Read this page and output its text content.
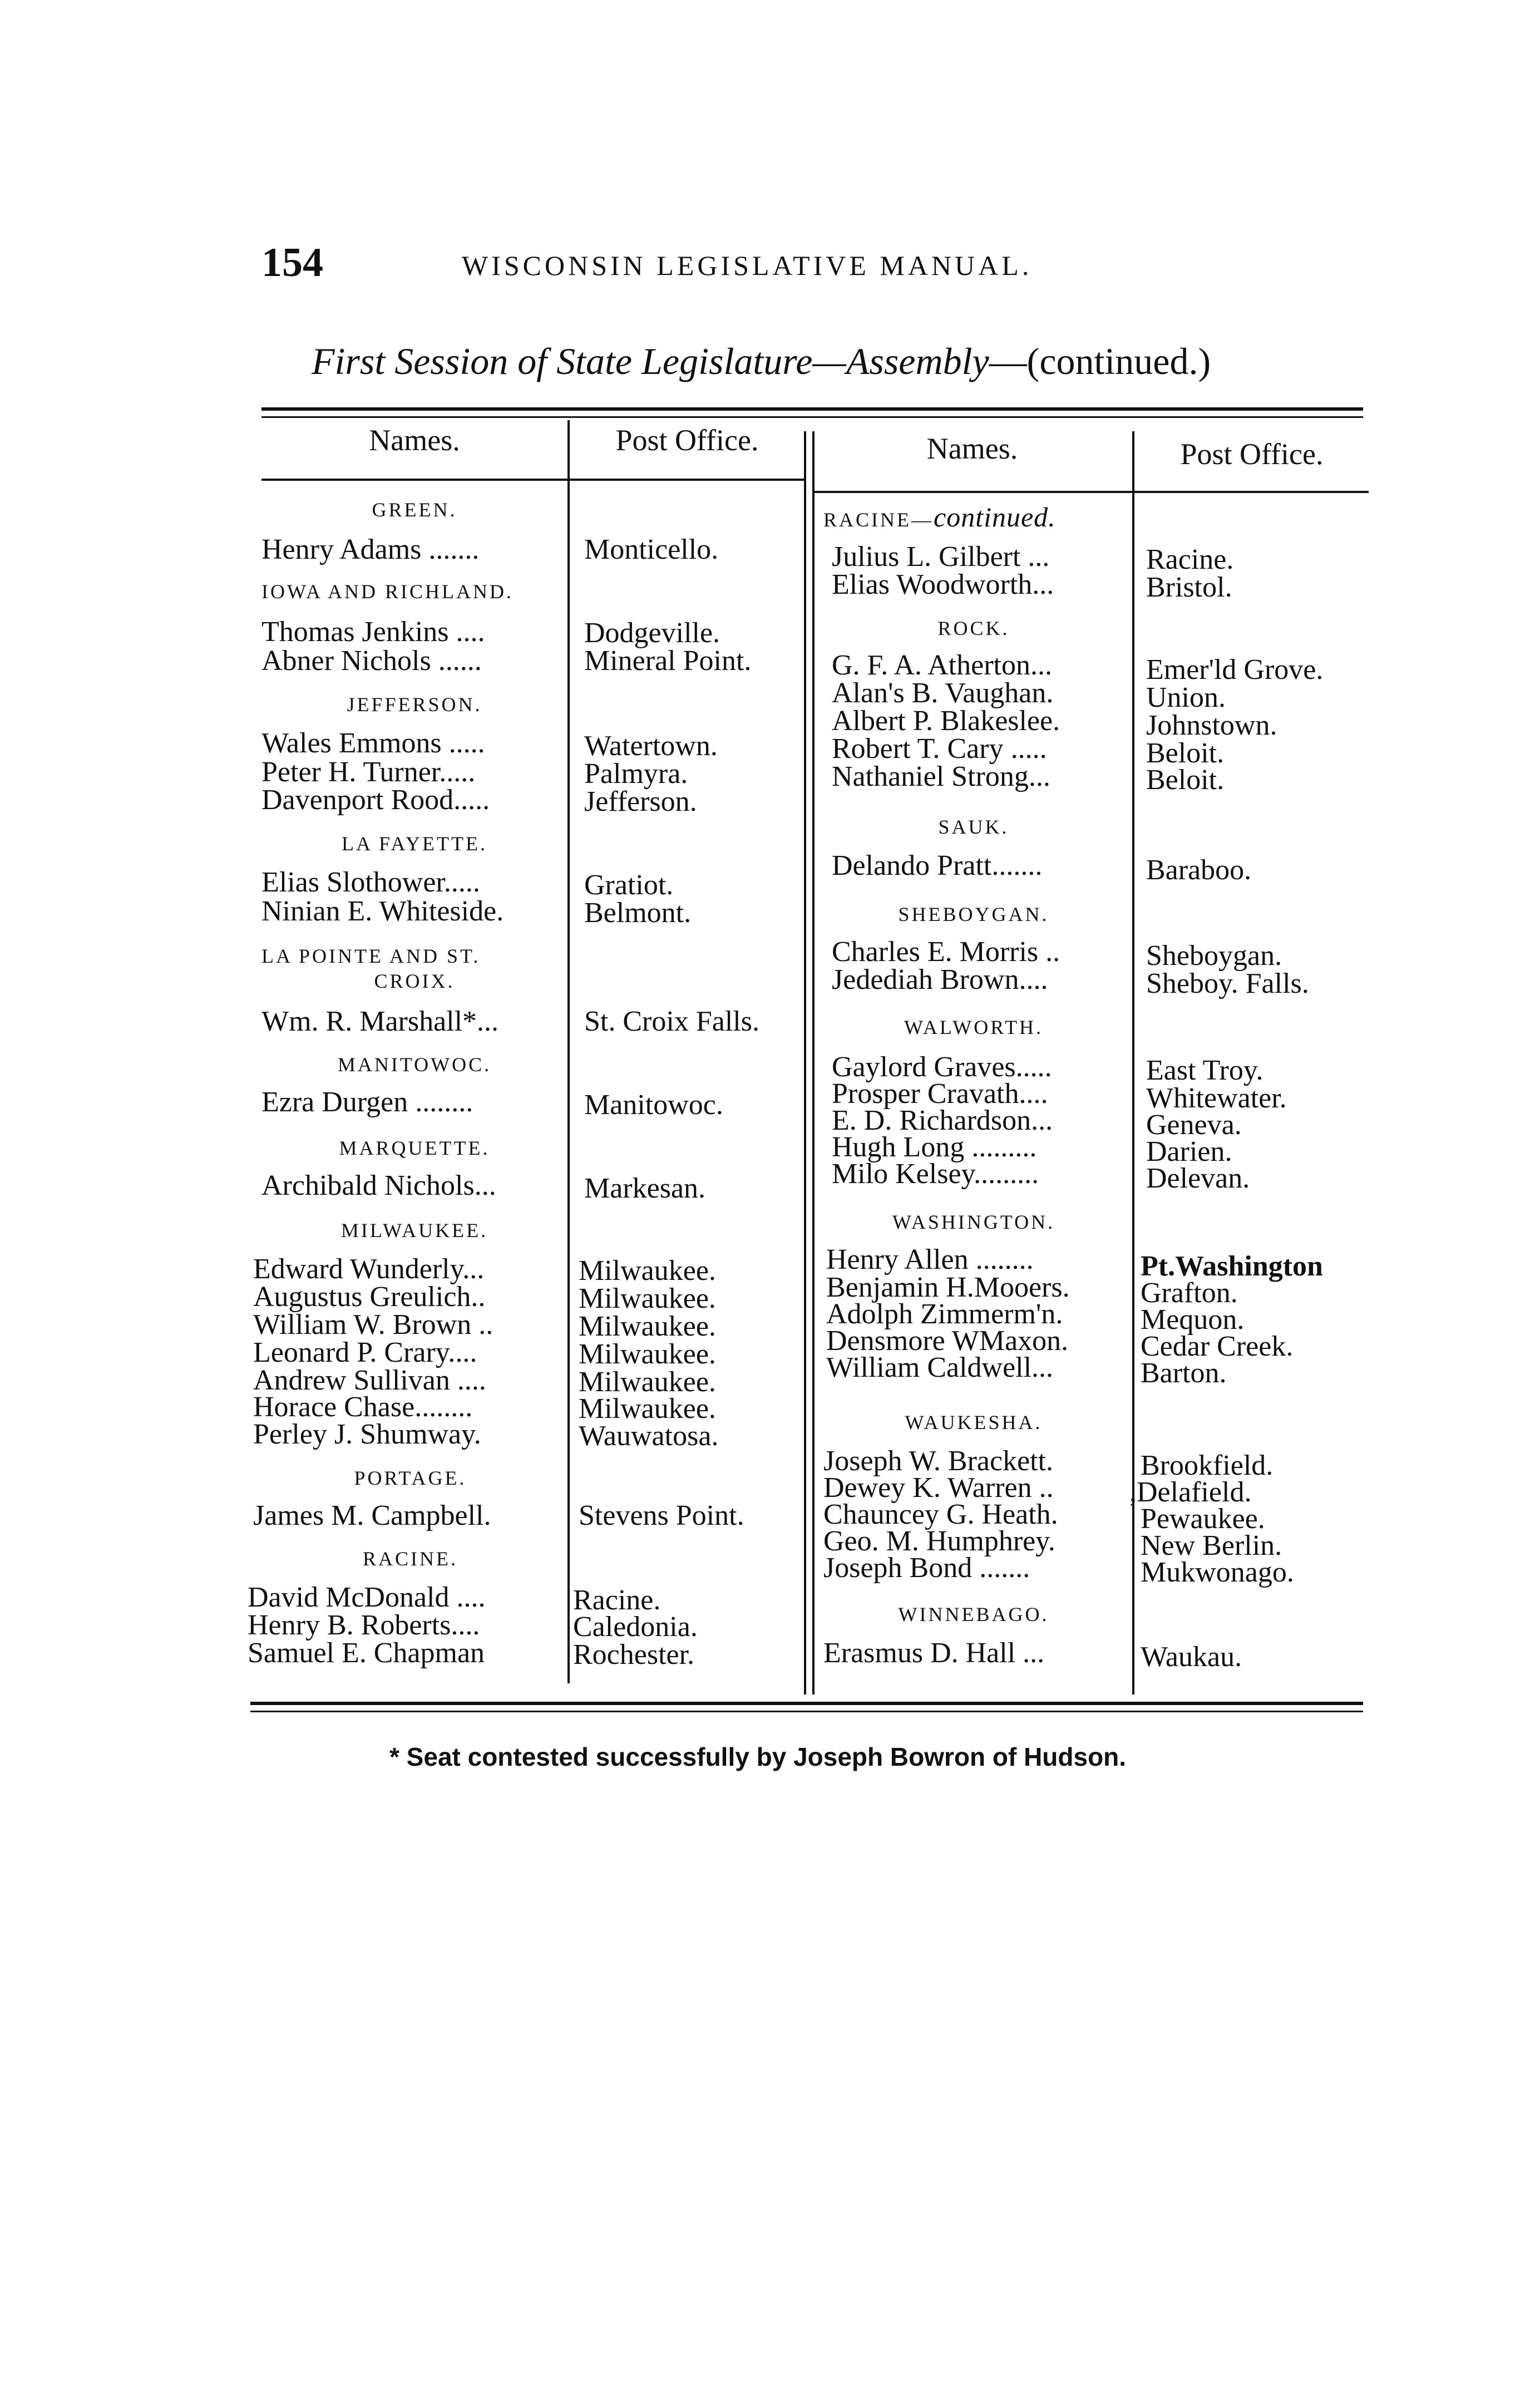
154	WISCONSIN LEGISLATIVE MANUAL.
First Session of State Legislature—Assembly—(continued.)
Names.	Post Office.	Names.	Post Office.
GREEN.
Henry Adams .......	Monticello.
IOWA AND RICHLAND.
Thomas Jenkins ....	Dodgeville.
Abner Nichols ......	Mineral Point.
JEFFERSON.
Wales Emmons .....	Watertown.
Peter H. Turner.....	Palmyra.
Davenport Rood.....	Jefferson.
LA FAYETTE.
Elias Slothower.....	Gratiot.
Ninian E. Whiteside.	Belmont.
LA POINTE AND ST.
CROIX.
Wm. R. Marshall*...	St. Croix Falls.
MANITOWOC.
Ezra Durgen ........	Manitowoc.
MARQUETTE.
Archibald Nichols...	Markesan.
MILWAUKEE.
Edward Wunderly...	Milwaukee.
Augustus Greulich..	Milwaukee.
William W. Brown ..	Milwaukee.
Leonard P. Crary....	Milwaukee.
Andrew Sullivan ....	Milwaukee.
Horace Chase........	Milwaukee.
Perley J. Shumway.	Wauwatosa.
PORTAGE.
James M. Campbell.	Stevens Point.
RACINE.
David McDonald ....	Racine.
Henry B. Roberts....	Caledonia.
Samuel E. Chapman	Rochester.
RACINE—continued.
Julius L. Gilbert ...	Racine.
Elias Woodworth...	Bristol.
ROCK.
G. F. A. Atherton...	Emer'ld Grove.
Alan's B. Vaughan.	Union.
Albert P. Blakeslee.	Johnstown.
Robert T. Cary .....	Beloit.
Nathaniel Strong...	Beloit.
SAUK.
Delando Pratt.......	Baraboo.
SHEBOYGAN.
Charles E. Morris ..	Sheboygan.
Jedediah Brown....	Sheboy. Falls.
WALWORTH.
Gaylord Graves.....	East Troy.
Prosper Cravath....	Whitewater.
E. D. Richardson...	Geneva.
Hugh Long .........	Darien.
Milo Kelsey.........	Delevan.
WASHINGTON.
Henry Allen ........	Pt.Washington
Benjamin H.Mooers. Grafton.
Adolph Zimmerm'n.	Mequon.
Densmore WMaxon. Cedar Creek.
William Caldwell...	Barton.
WAUKESHA.
Joseph W. Brackett.	Brookfield.
Dewey K. Warren ..	,Delafield.
Chauncey G. Heath.	Pewaukee.
Geo. M. Humphrey.	New Berlin.
Joseph Bond .......	Mukwonago.
WINNEBAGO.
Erasmus D. Hall ...	Waukau.
* Seat contested successfully by Joseph Bowron of Hudson.
